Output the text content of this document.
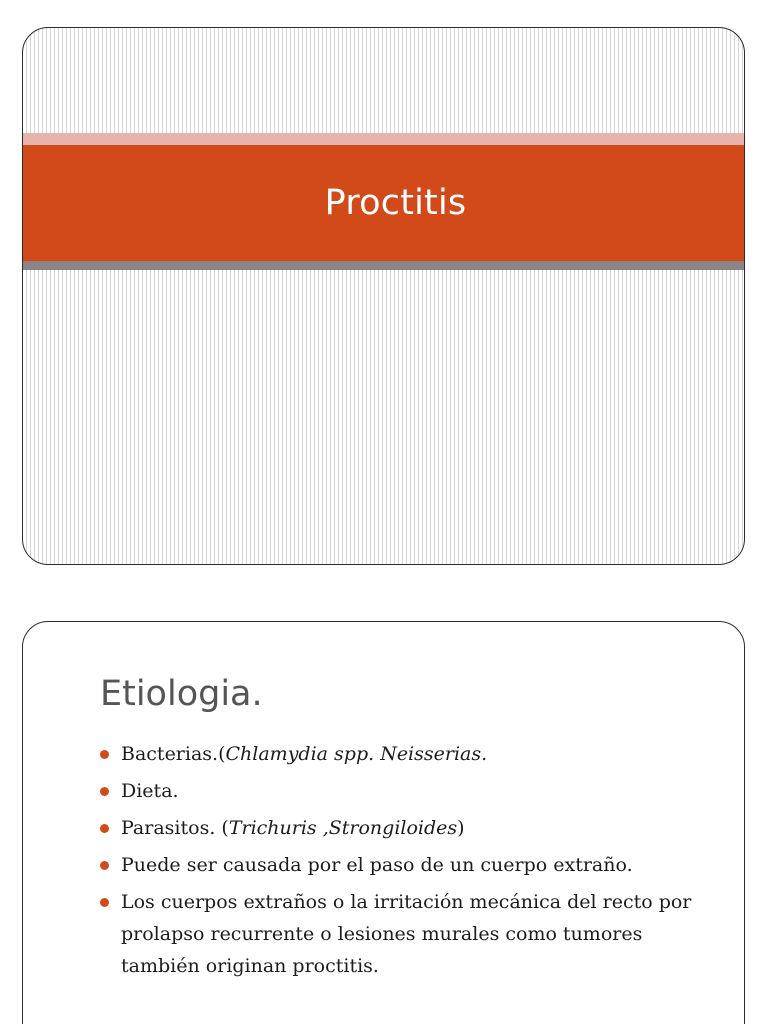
Proctitis
Etiologia.
Bacterias.(Chlamydia spp. Neisserias.
Dieta.
Parasitos. (Trichuris ,Strongiloides)
Puede ser causada por el paso de un cuerpo extraño.
Los cuerpos extraños o la irritación mecánica del recto por prolapso recurrente o lesiones murales como tumores también originan proctitis.
